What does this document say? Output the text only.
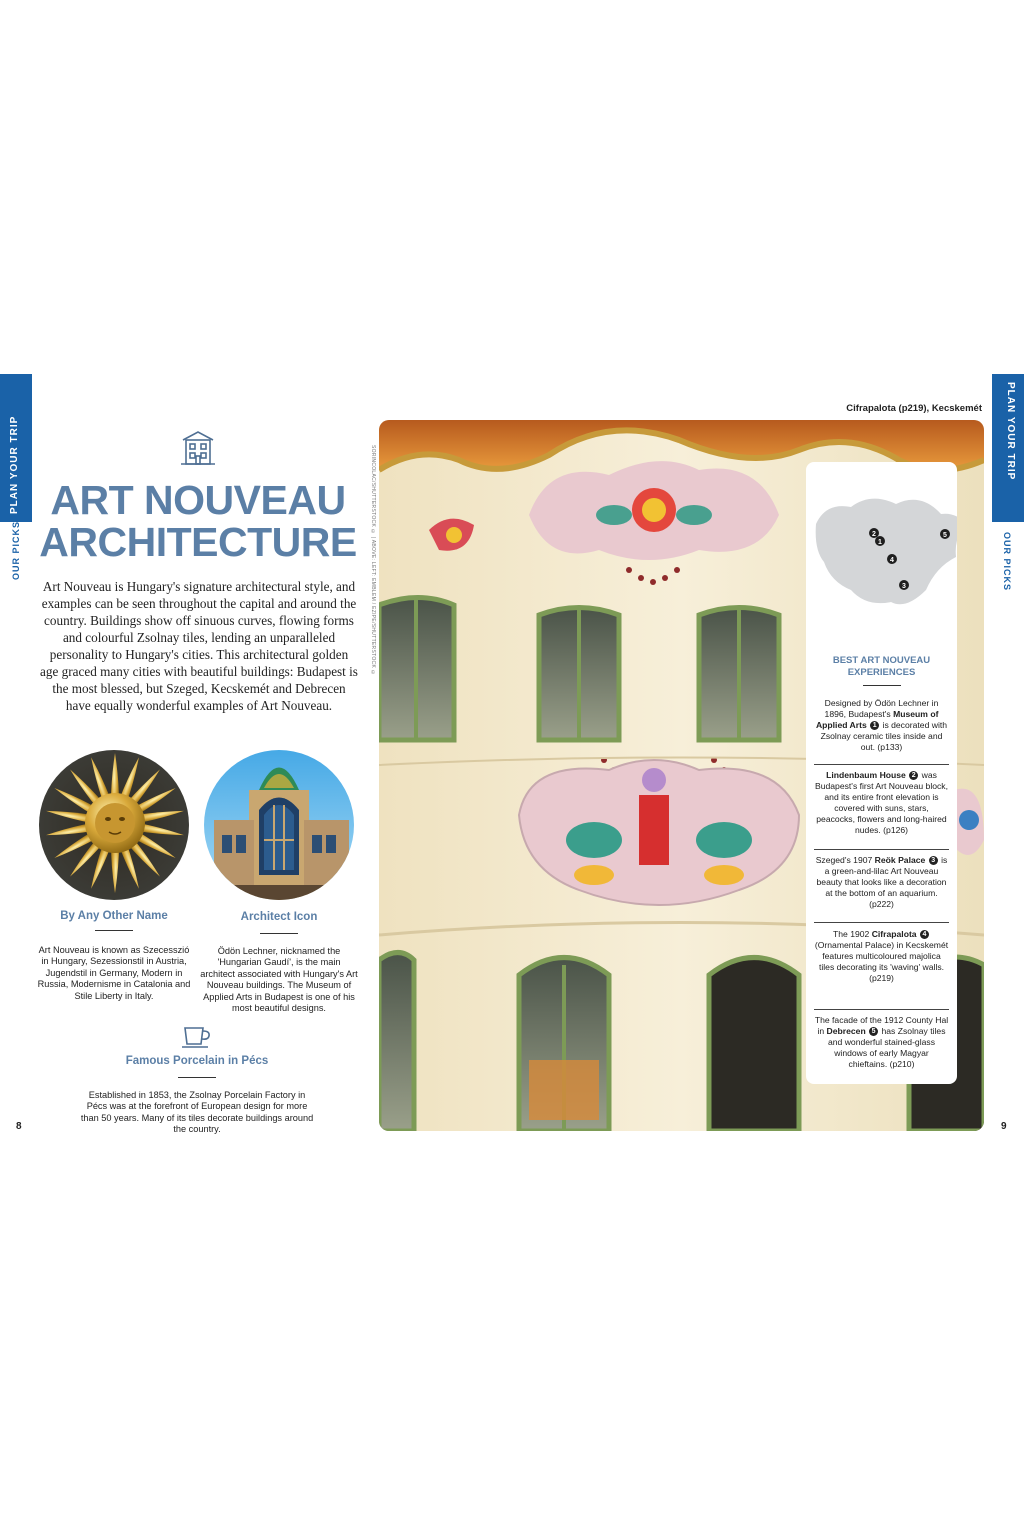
PLAN YOUR TRIP
OUR PICKS
PLAN YOUR TRIP
OUR PICKS
8	9
ART NOUVEAU
ARCHITECTURE

Art Nouveau is Hungary's signature architectural style, and examples can be seen throughout the capital and around the country. Buildings show off sinuous curves, flowing forms and colourful Zsolnay tiles, lending an unparalleled personality to Hungary's cities. This architectural golden age graced many cities with beautiful buildings: Budapest is the most blessed, but Szeged, Kecskemét and Debrecen have equally wonderful examples of Art Nouveau.

By Any Other Name

Art Nouveau is known as Szecesszió in Hungary, Sezessionstil in Austria, Jugendstil in Germany, Modern in Russia, Modernisme in Catalonia and Stile Liberty in Italy.

Architect Icon

Ödön Lechner, nicknamed the 'Hungarian Gaudí', is the main architect associated with Hungary's Art Nouveau buildings. The Museum of Applied Arts in Budapest is one of his most beautiful designs.

Famous Porcelain in Pécs

Established in 1853, the Zsolnay Porcelain Factory in Pécs was at the forefront of European design for more than 50 years. Many of its tiles decorate buildings around the country.

Cifrapalota (p219), Kecskemét
SORINCOLAC/SHUTTERSTOCK © | ABOVE: LEFT: EMBLEM / EZIPE/SHUTTERSTOCK ©	2
1
4
3
5
BEST ART NOUVEAU
EXPERIENCES

Designed by Ödön Lechner in 1896, Budapest's Museum of Applied Arts 1 is decorated with Zsolnay ceramic tiles inside and out. (p133)

Lindenbaum House 2 was Budapest's first Art Nouveau block, and its entire front elevation is covered with suns, stars, peacocks, flowers and long-haired nudes. (p126)

Szeged's 1907 Reök Palace 3 is a green-and-lilac Art Nouveau beauty that looks like a decoration at the bottom of an aquarium. (p222)

The 1902 Cifrapalota 4 (Ornamental Palace) in Kecskemét features multicoloured majolica tiles decorating its 'waving' walls. (p219)

The facade of the 1912 County Hal in Debrecen 5 has Zsolnay tiles and wonderful stained-glass windows of early Magyar chieftains. (p210)
